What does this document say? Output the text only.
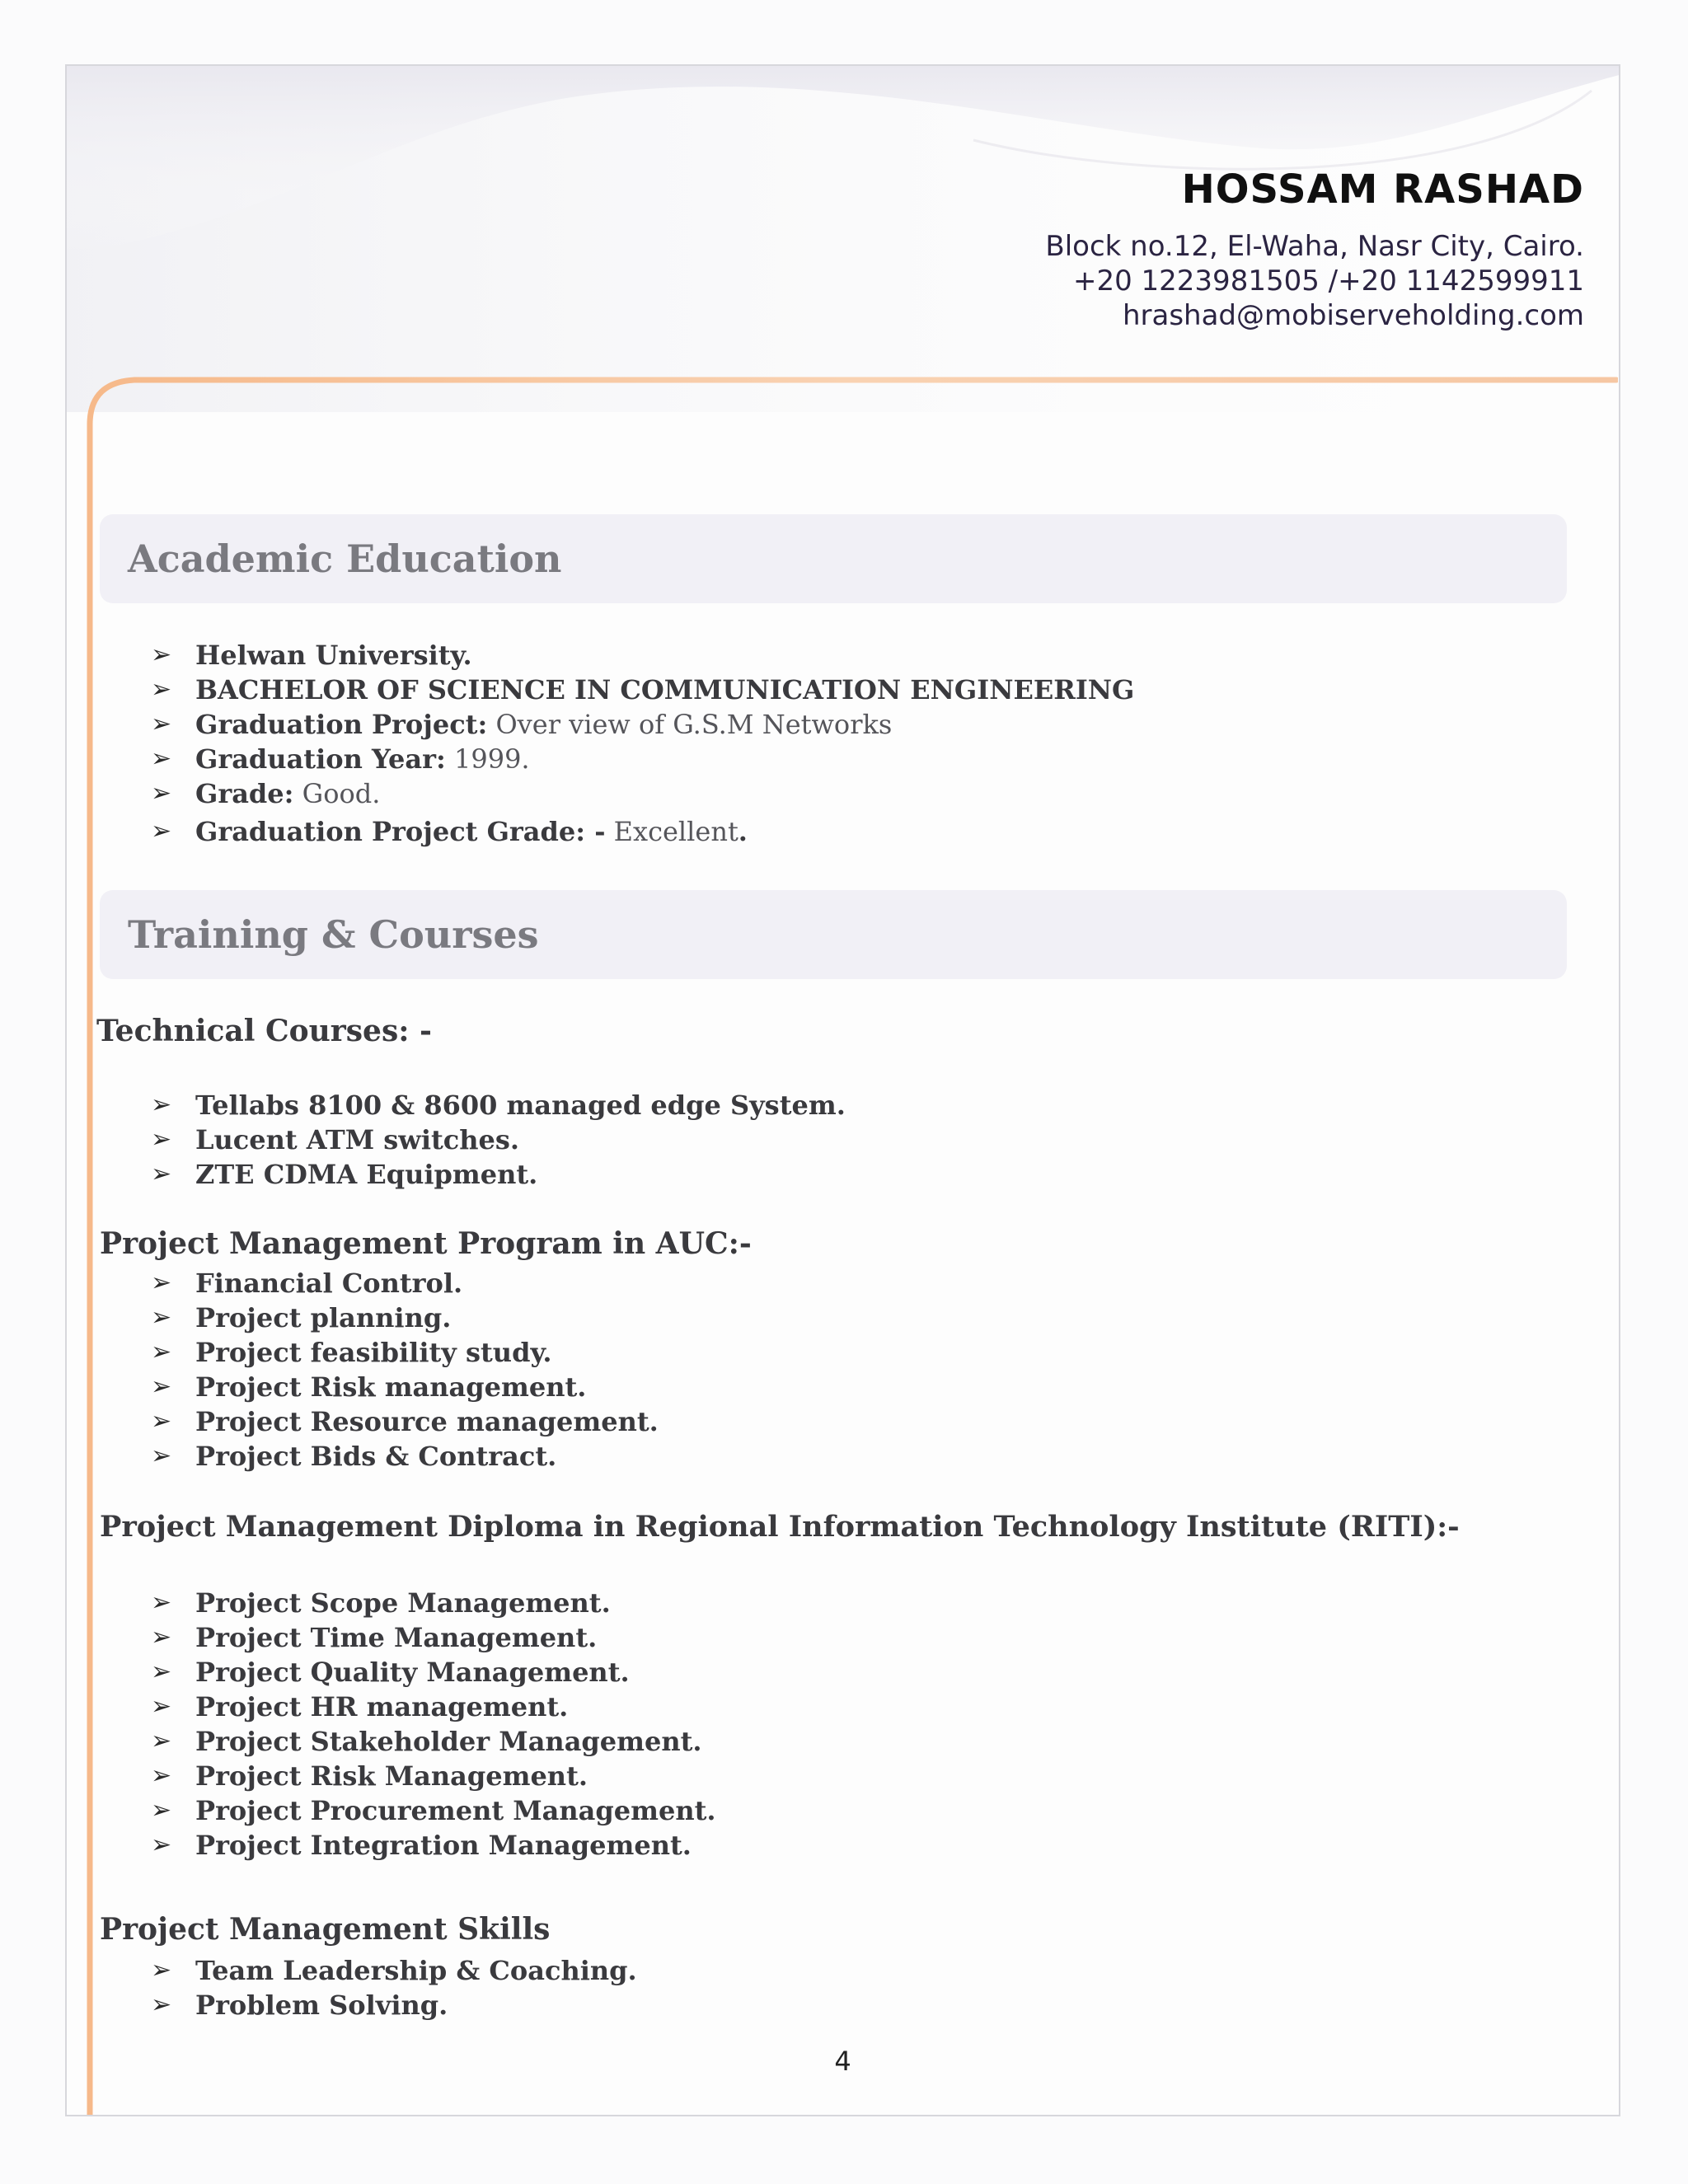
HOSSAM RASHAD
Block no.12, El-Waha, Nasr City, Cairo.
+20 1223981505 /+20 1142599911
hrashad@mobiserveholding.com
Academic Education
➢ Helwan University.
➢ BACHELOR OF SCIENCE IN COMMUNICATION ENGINEERING
➢ Graduation Project: Over view of G.S.M Networks
➢ Graduation Year: 1999.
➢ Grade: Good.
➢ Graduation Project Grade: - Excellent.
Training & Courses
Technical Courses: -
➢ Tellabs 8100 & 8600 managed edge System.
➢ Lucent ATM switches.
➢ ZTE CDMA Equipment.
Project Management Program in AUC:-
➢ Financial Control.
➢ Project planning.
➢ Project feasibility study.
➢ Project Risk management.
➢ Project Resource management.
➢ Project Bids & Contract.
Project Management Diploma in Regional Information Technology Institute (RITI):-
➢ Project Scope Management.
➢ Project Time Management.
➢ Project Quality Management.
➢ Project HR management.
➢ Project Stakeholder Management.
➢ Project Risk Management.
➢ Project Procurement Management.
➢ Project Integration Management.
Project Management Skills
➢ Team Leadership & Coaching.
➢ Problem Solving.
4
